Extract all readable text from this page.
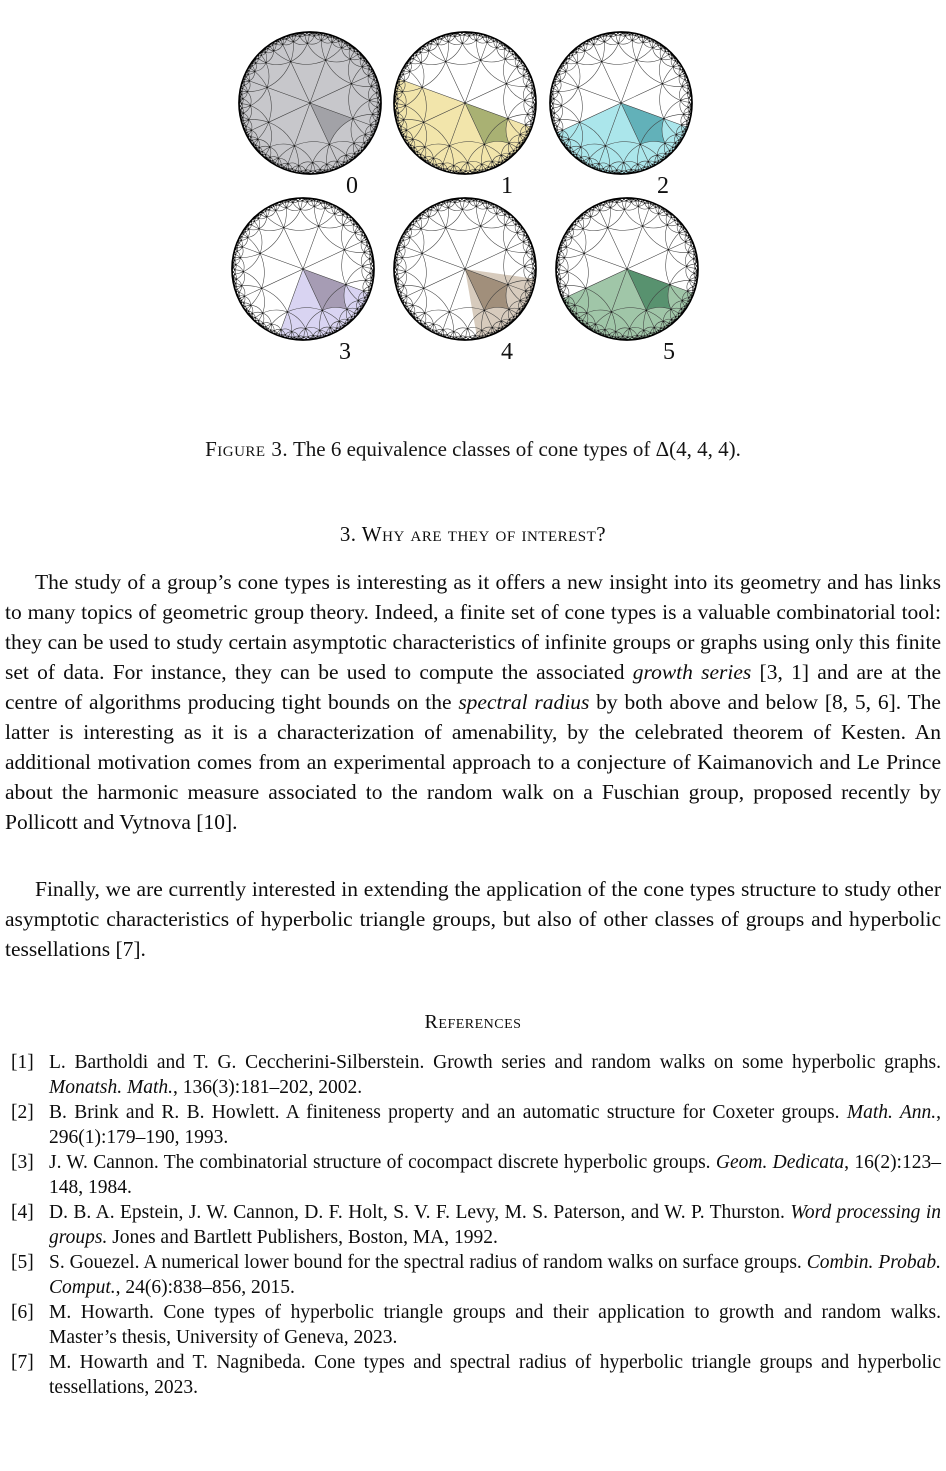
0	1	2
3	4	5
Figure 3. The 6 equivalence classes of cone types of Δ(4, 4, 4).
3. Why are they of interest?

The study of a group’s cone types is interesting as it offers a new insight into its geometry and has links to many topics of geometric group theory. Indeed, a finite set of cone types is a valuable combinatorial tool: they can be used to study certain asymptotic characteristics of infinite groups or graphs using only this finite set of data. For instance, they can be used to compute the associated growth series [3, 1] and are at the centre of algorithms producing tight bounds on the spectral radius by both above and below [8, 5, 6]. The latter is interesting as it is a characterization of amenability, by the celebrated theorem of Kesten. An additional motivation comes from an experimental approach to a conjecture of Kaimanovich and Le Prince about the harmonic measure associated to the random walk on a Fuschian group, proposed recently by Pollicott and Vytnova [10].

Finally, we are currently interested in extending the application of the cone types structure to study other asymptotic characteristics of hyperbolic triangle groups, but also of other classes of groups and hyperbolic tessellations [7].

References
[1] L. Bartholdi and T. G. Ceccherini-Silberstein. Growth series and random walks on some hyperbolic graphs. Monatsh. Math., 136(3):181–202, 2002.
[2] B. Brink and R. B. Howlett. A finiteness property and an automatic structure for Coxeter groups. Math. Ann., 296(1):179–190, 1993.
[3] J. W. Cannon. The combinatorial structure of cocompact discrete hyperbolic groups. Geom. Dedicata, 16(2):123–148, 1984.
[4] D. B. A. Epstein, J. W. Cannon, D. F. Holt, S. V. F. Levy, M. S. Paterson, and W. P. Thurston. Word processing in groups. Jones and Bartlett Publishers, Boston, MA, 1992.
[5] S. Gouezel. A numerical lower bound for the spectral radius of random walks on surface groups. Combin. Probab. Comput., 24(6):838–856, 2015.
[6] M. Howarth. Cone types of hyperbolic triangle groups and their application to growth and random walks. Master’s thesis, University of Geneva, 2023.
[7] M. Howarth and T. Nagnibeda. Cone types and spectral radius of hyperbolic triangle groups and hyperbolic tessellations, 2023.
